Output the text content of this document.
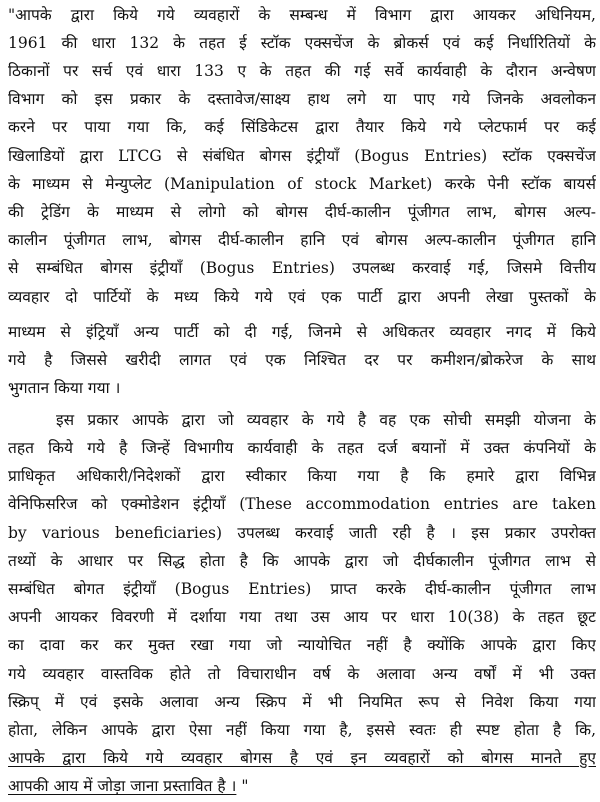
"आपके द्वारा किये गये व्यवहारों के सम्बन्ध में विभाग द्वारा आयकर अधिनियम,
1961 की धारा 132 के तहत ई स्टॉक एक्सचेंज के ब्रोकर्स एवं कई निर्धारितियों के
ठिकानों पर सर्च एवं धारा 133 ए के तहत की गई सर्वे कार्यवाही के दौरान अन्वेषण
विभाग को इस प्रकार के दस्तावेज/साक्ष्य हाथ लगे या पाए गये जिनके अवलोकन
करने पर पाया गया कि, कई सिंडिकेटस द्वारा तैयार किये गये प्लेटफार्म पर कई
खिलाडियों द्वारा LTCG से संबंधित बोगस इंट्रीयॉं (Bogus Entries) स्टॉक एक्सचेंज
के माध्यम से मेन्युप्लेट (Manipulation of stock Market) करके पेनी स्टॉक बायर्स
की ट्रेडिंग के माध्यम से लोगो को बोगस दीर्घ-कालीन पूंजीगत लाभ, बोगस अल्प-
कालीन पूंजीगत लाभ, बोगस दीर्घ-कालीन हानि एवं बोगस अल्प-कालीन पूंजीगत हानि
से सम्बंधित बोगस इंट्रीयॉं (Bogus Entries) उपलब्ध करवाई गई, जिसमे वित्तीय
व्यवहार दो पार्टियों के मध्य किये गये एवं एक पार्टी द्वारा अपनी लेखा पुस्तकों के
माध्यम से इंट्रियॉं अन्य पार्टी को दी गई, जिनमे से अधिकतर व्यवहार नगद में किये
गये है जिससे खरीदी लागत एवं एक निश्चित दर पर कमीशन/ब्रोकरेज के साथ
भुगतान किया गया ।
इस प्रकार आपके द्वारा जो व्यवहार के गये है वह एक सोची समझी योजना के
तहत किये गये है जिन्हें विभागीय कार्यवाही के तहत दर्ज बयानों में उक्त कंपनियों के
प्राधिकृत अधिकारी/निदेशकों द्वारा स्वीकार किया गया है कि हमारे द्वारा विभिन्न
वेनिफिसरिज को एक्मोडेशन इंट्रीयॉं (These accommodation entries are taken
by various beneficiaries) उपलब्ध करवाई जाती रही है । इस प्रकार उपरोक्त
तथ्यों के आधार पर सिद्ध होता है कि आपके द्वारा जो दीर्घकालीन पूंजीगत लाभ से
सम्बंधित बोगत इंट्रीयॉं (Bogus Entries) प्राप्त करके दीर्घ-कालीन पूंजीगत लाभ
अपनी आयकर विवरणी में दर्शाया गया तथा उस आय पर धारा 10(38) के तहत छूट
का दावा कर कर मुक्त रखा गया जो न्यायोचित नहीं है क्योंकि आपके द्वारा किए
गये व्यवहार वास्तविक होते तो विचाराधीन वर्ष के अलावा अन्य वर्षों में भी उक्त
स्क्रिप् में एवं इसके अलावा अन्य स्क्रिप में भी नियमित रूप से निवेश किया गया
होता, लेकिन आपके द्वारा ऐसा नहीं किया गया है, इससे स्वतः ही स्पष्ट होता है कि,
आपके द्वारा किये गये व्यवहार बोगस है एवं इन व्यवहारों को बोगस मानते हुए
आपकी आय में जोड़ा जाना प्रस्तावित है । "
